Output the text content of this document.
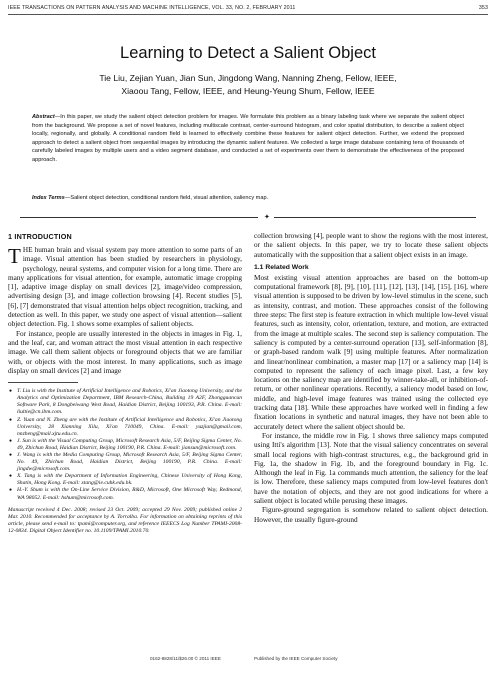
IEEE TRANSACTIONS ON PATTERN ANALYSIS AND MACHINE INTELLIGENCE, VOL. 33, NO. 2, FEBRUARY 2011	353
Learning to Detect a Salient Object
Tie Liu, Zejian Yuan, Jian Sun, Jingdong Wang, Nanning Zheng, Fellow, IEEE,
Xiaoou Tang, Fellow, IEEE, and Heung-Yeung Shum, Fellow, IEEE
Abstract—In this paper, we study the salient object detection problem for images. We formulate this problem as a binary labeling task where we separate the salient object from the background. We propose a set of novel features, including multiscale contrast, center-surround histogram, and color spatial distribution, to describe a salient object locally, regionally, and globally. A conditional random field is learned to effectively combine these features for salient object detection. Further, we extend the proposed approach to detect a salient object from sequential images by introducing the dynamic salient features. We collected a large image database containing tens of thousands of carefully labeled images by multiple users and a video segment database, and conducted a set of experiments over them to demonstrate the effectiveness of the proposed approach.
Index Terms—Salient object detection, conditional random field, visual attention, saliency map.
✦
1 INTRODUCTION

THE human brain and visual system pay more attention to some parts of an image. Visual attention has been studied by researchers in physiology, psychology, neural systems, and computer vision for a long time. There are many applications for visual attention, for example, automatic image cropping [1], adaptive image display on small devices [2], image/video compression, advertising design [3], and image collection browsing [4]. Recent studies [5], [6], [7] demonstrated that visual attention helps object recognition, tracking, and detection as well. In this paper, we study one aspect of visual attention—salient object detection. Fig. 1 shows some examples of salient objects.

For instance, people are usually interested in the objects in images in Fig. 1, and the leaf, car, and woman attract the most visual attention in each respective image. We call them salient objects or foreground objects that we are familiar with, or objects with the most interest. In many applications, such as image display on small devices [2] and image

● T. Liu is with the Institute of Artificial Intelligence and Robotics, Xi'an Jiaotong University, and the Analytics and Optimization Department, IBM Research-China, Building 19 A2F, Zhongguancun Software Park, 8 Dongbeiwang West Road, Haidian District, Beijing 100193, P.R. China. E-mail: liultie@cn.ibm.com.
● Z. Yuan and N. Zheng are with the Institute of Artificial Intelligence and Robotics, Xi'an Jiaotong University, 28 Xianning Xilu, Xi'an 710049, China. E-mail: yuzjian@gmail.com, nnzheng@mail.xjtu.edu.cn.
● J. Sun is with the Visual Computing Group, Microsoft Research Asia, 5/F, Beijing Sigma Center, No. 49, Zhichun Road, Haidian District, Beijing 100190, P.R. China. E-mail: jiansun@microsoft.com.
● J. Wang is with the Media Computing Group, Microsoft Research Asia, 5/F, Beijing Sigma Center, No. 49, Zhichun Road, Haidian District, Beijing 100190, P.R. China. E-mail: jingdw@microsoft.com.
● X. Tang is with the Department of Information Engineering, Chinese University of Hong Kong, Shatin, Hong Kong. E-mail: xtang@ie.cuhk.edu.hk.
● H.-Y. Shum is with the On-Line Service Division, R&D, Microsoft, One Microsoft Way, Redmond, WA 98052. E-mail: hshum@microsoft.com.
Manuscript received 4 Dec. 2008; revised 23 Oct. 2009; accepted 29 Nov. 2009; published online 2 Mar. 2010. Recommended for acceptance by A. Torralba. For information on obtaining reprints of this article, please send e-mail to: tpami@computer.org, and reference IEEECS Log Number TPAMI-2008-12-0834. Digital Object Identifier no. 10.1109/TPAMI.2010.70.

collection browsing [4], people want to show the regions with the most interest, or the salient objects. In this paper, we try to locate these salient objects automatically with the supposition that a salient object exists in an image.

1.1 Related Work

Most existing visual attention approaches are based on the bottom-up computational framework [8], [9], [10], [11], [12], [13], [14], [15], [16], where visual attention is supposed to be driven by low-level stimulus in the scene, such as intensity, contrast, and motion. These approaches consist of the following three steps: The first step is feature extraction in which multiple low-level visual features, such as intensity, color, orientation, texture, and motion, are extracted from the image at multiple scales. The second step is saliency computation. The saliency is computed by a center-surround operation [13], self-information [8], or graph-based random walk [9] using multiple features. After normalization and linear/nonlinear combination, a master map [17] or a saliency map [14] is computed to represent the saliency of each image pixel. Last, a few key locations on the saliency map are identified by winner-take-all, or inhibition-of-return, or other nonlinear operations. Recently, a saliency model based on low, middle, and high-level image features was trained using the collected eye tracking data [18]. While these approaches have worked well in finding a few fixation locations in synthetic and natural images, they have not been able to accurately detect where the salient object should be.

For instance, the middle row in Fig. 1 shows three saliency maps computed using Itti's algorithm [13]. Note that the visual saliency concentrates on several small local regions with high-contrast structures, e.g., the background grid in Fig. 1a, the shadow in Fig. 1b, and the foreground boundary in Fig. 1c. Although the leaf in Fig. 1a commands much attention, the saliency for the leaf is low. Therefore, these saliency maps computed from low-level features don't have the notation of objects, and they are not good indications for where a salient object is located while perusing these images.

Figure-ground segregation is somehow related to salient object detection. However, the usually figure-ground

0162-8828/11/$26.00 © 2011 IEEE	Published by the IEEE Computer Society
